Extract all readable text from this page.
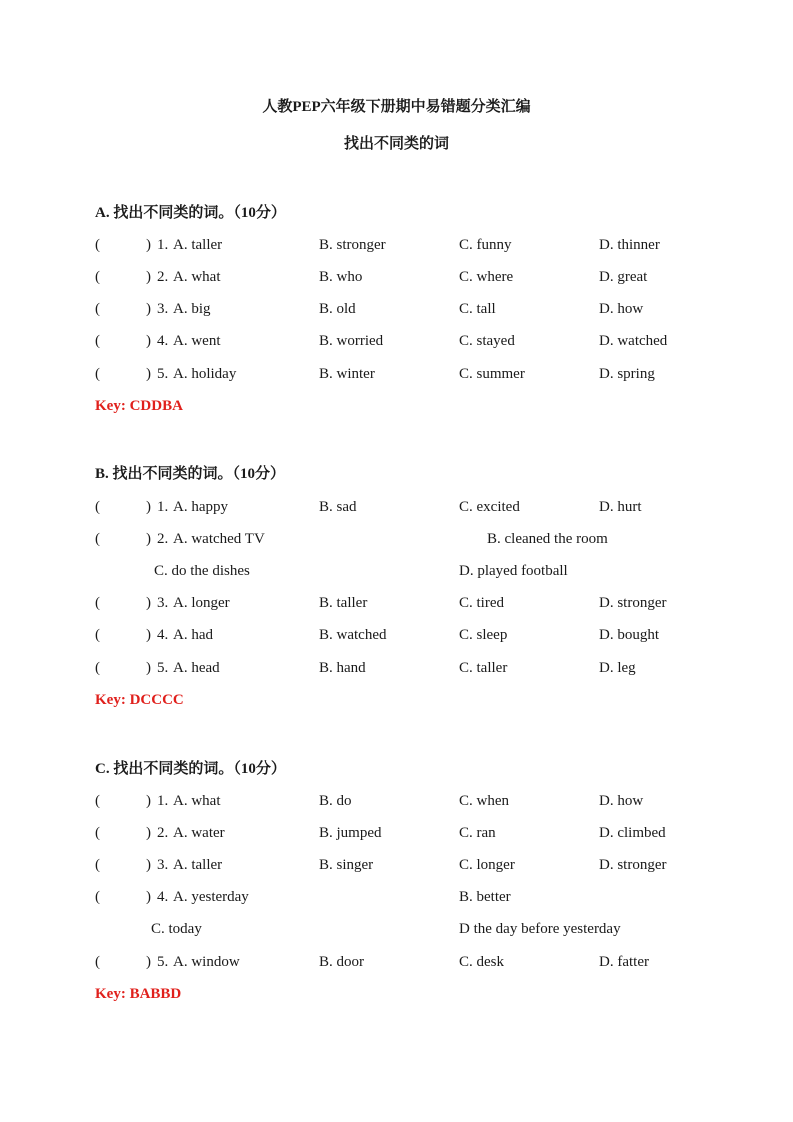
人教PEP六年级下册期中易错题分类汇编
找出不同类的词
A. 找出不同类的词。（10分）
(	) 1. A. taller	B. stronger	C. funny	D. thinner
(	) 2. A. what	B. who	C. where	D. great
(	) 3. A. big	B. old	C. tall	D. how
(	) 4. A. went	B. worried	C. stayed	D. watched
(	) 5. A. holiday	B. winter	C. summer	D. spring
Key: CDDBA
B. 找出不同类的词。（10分）
(	) 1. A. happy	B. sad	C. excited	D. hurt
(	) 2. A. watched TV	B. cleaned the room
C. do the dishes	D. played football
(	) 3. A. longer	B. taller	C. tired	D. stronger
(	) 4. A. had	B. watched	C. sleep	D. bought
(	) 5. A. head	B. hand	C. taller	D. leg
Key: DCCCC
C. 找出不同类的词。（10分）
(	) 1. A. what	B. do	C. when	D. how
(	) 2. A. water	B. jumped	C. ran	D. climbed
(	) 3. A. taller	B. singer	C. longer	D. stronger
(	) 4. A. yesterday	B. better
C. today	D the day before yesterday
(	) 5. A. window	B. door	C. desk	D. fatter
Key: BABBD
